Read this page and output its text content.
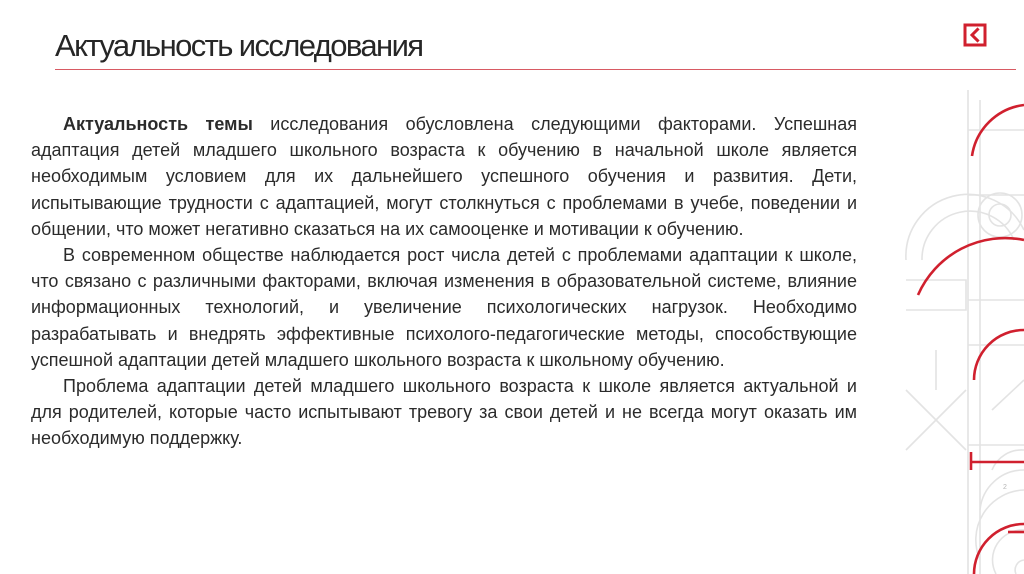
Актуальность исследования

Актуальность темы исследования обусловлена следующими факторами. Успешная адаптация детей младшего школьного возраста к обучению в начальной школе является необходимым условием для их дальнейшего успешного обучения и развития. Дети, испытывающие трудности с адаптацией, могут столкнуться с проблемами в учебе, поведении и общении, что может негативно сказаться на их самооценке и мотивации к обучению.

В современном обществе наблюдается рост числа детей с проблемами адаптации к школе, что связано с различными факторами, включая изменения в образовательной системе, влияние информационных технологий, и увеличение психологических нагрузок. Необходимо разрабатывать и внедрять эффективные психолого-педагогические методы, способствующие успешной адаптации детей младшего школьного возраста к школьному обучению.

Проблема адаптации детей младшего школьного возраста к школе является актуальной и для родителей, которые часто испытывают тревогу за свои детей и не всегда могут оказать им необходимую поддержку.

2
